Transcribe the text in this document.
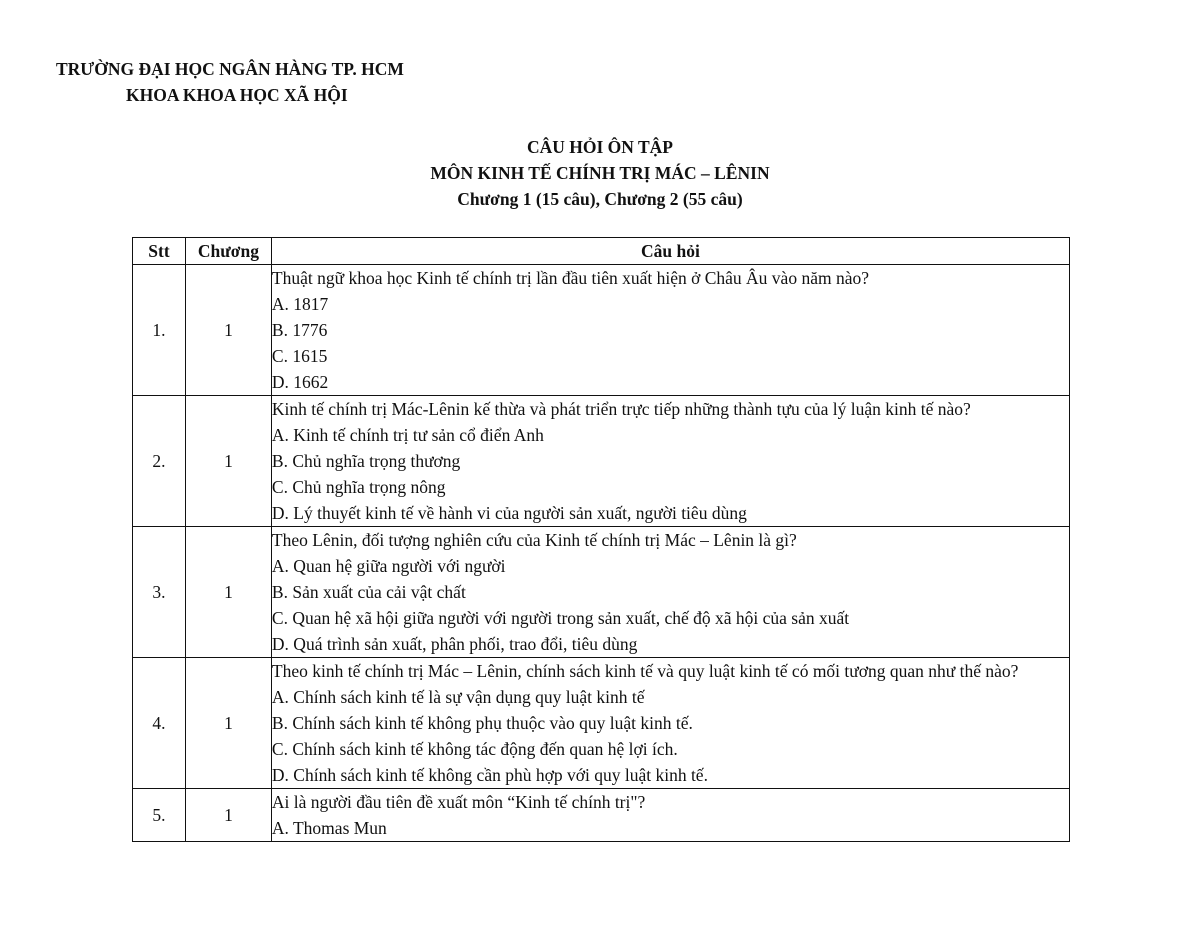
TRƯỜNG ĐẠI HỌC NGÂN HÀNG TP. HCM
KHOA KHOA HỌC XÃ HỘI
CÂU HỎI ÔN TẬP
MÔN KINH TẾ CHÍNH TRỊ MÁC – LÊNIN
Chương 1 (15 câu), Chương 2 (55 câu)
Stt	Chương	Câu hỏi
1.	1	Thuật ngữ khoa học Kinh tế chính trị lần đầu tiên xuất hiện ở Châu Âu vào năm nào?
A. 1817
B. 1776
C. 1615
D. 1662

2.	1	Kinh tế chính trị Mác-Lênin kế thừa và phát triển trực tiếp những thành tựu của lý luận kinh tế nào?
A. Kinh tế chính trị tư sản cổ điển Anh
B. Chủ nghĩa trọng thương
C. Chủ nghĩa trọng nông
D. Lý thuyết kinh tế về hành vi của người sản xuất, người tiêu dùng

3.	1	Theo Lênin, đối tượng nghiên cứu của Kinh tế chính trị Mác – Lênin là gì?
A. Quan hệ giữa người với người
B. Sản xuất của cải vật chất
C. Quan hệ xã hội giữa người với người trong sản xuất, chế độ xã hội của sản xuất
D. Quá trình sản xuất, phân phối, trao đổi, tiêu dùng

4.	1	Theo kinh tế chính trị Mác – Lênin, chính sách kinh tế và quy luật kinh tế có mối tương quan như thế nào?
A. Chính sách kinh tế là sự vận dụng quy luật kinh tế
B. Chính sách kinh tế không phụ thuộc vào quy luật kinh tế.
C. Chính sách kinh tế không tác động đến quan hệ lợi ích.
D. Chính sách kinh tế không cần phù hợp với quy luật kinh tế.

5.	1	Ai là người đầu tiên đề xuất môn “Kinh tế chính trị"?
A. Thomas Mun
